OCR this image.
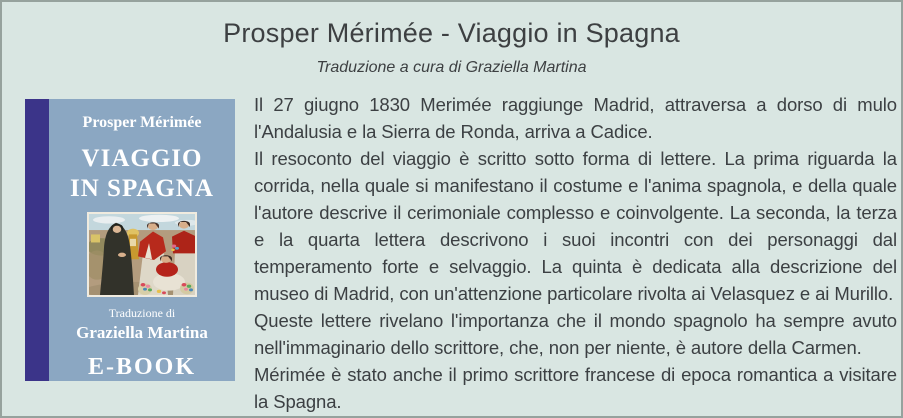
Prosper Mérimée - Viaggio in Spagna
Traduzione a cura di Graziella Martina
Prosper Mérimée
VIAGGIO
IN SPAGNA
Traduzione di
Graziella Martina
E-BOOK

Il 27 giugno 1830 Merimée raggiunge Madrid, attraversa a dorso di mulo l'Andalusia e la Sierra de Ronda, arriva a Cadice.

Il resoconto del viaggio è scritto sotto forma di lettere. La prima riguarda la corrida, nella quale si manifestano il costume e l'anima spagnola, e della quale l'autore descrive il cerimoniale complesso e coinvolgente. La seconda, la terza e la quarta lettera descrivono i suoi incontri con dei personaggi dal temperamento forte e selvaggio. La quinta è dedicata alla descrizione del museo di Madrid, con un'attenzione particolare rivolta ai Velasquez e ai Murillo.

Queste lettere rivelano l'importanza che il mondo spagnolo ha sempre avuto nell'immaginario dello scrittore, che, non per niente, è autore della Carmen.

Mérimée è stato anche il primo scrittore francese di epoca romantica a visitare la Spagna.
